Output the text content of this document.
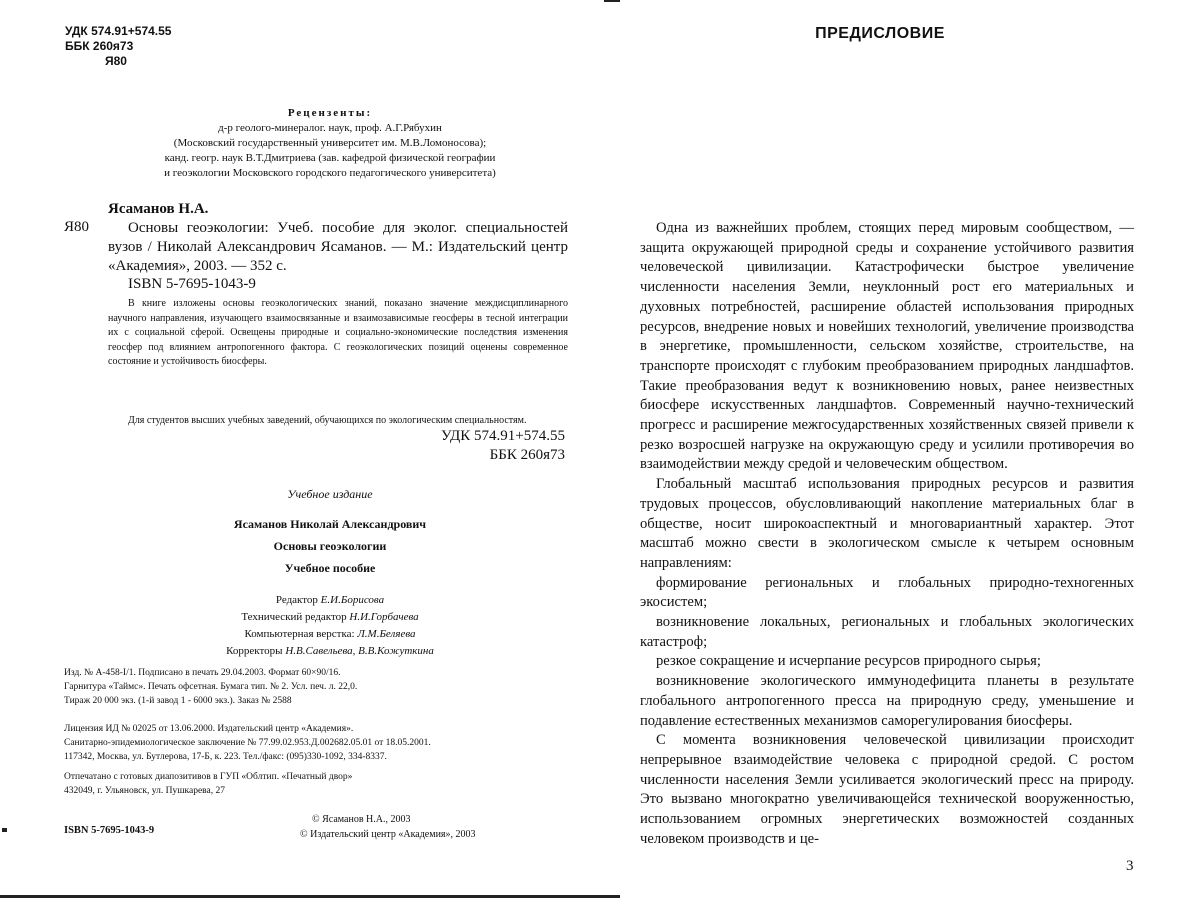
УДК 574.91+574.55
ББК 260я73
Я80
Рецензенты:
д-р геолого-минералог. наук, проф. А.Г.Рябухин
(Московский государственный университет им. М.В.Ломоносова);
канд. геогр. наук В.Т.Дмитриева (зав. кафедрой физической географии
и геоэкологии Московского городского педагогического университета)
Ясаманов Н.А.
Я80	Основы геоэкологии: Учеб. пособие для эколог. специальностей вузов / Николай Александрович Ясаманов. — М.: Издательский центр «Академия», 2003. — 352 с.
ISBN 5-7695-1043-9
В книге изложены основы геоэкологических знаний, показано значение междисциплинарного научного направления, изучающего взаимосвязанные и взаимозависимые геосферы в тесной интеграции их с социальной сферой. Освещены природные и социально-экономические последствия изменения геосфер под влиянием антропогенного фактора. С геоэкологических позиций оценены современное состояние и устойчивость биосферы.
Для студентов высших учебных заведений, обучающихся по экологическим специальностям.
УДК 574.91+574.55
ББК 260я73
Учебное издание
Ясаманов Николай Александрович
Основы геоэкологии
Учебное пособие
Редактор Е.И.Борисова
Технический редактор Н.И.Горбачева
Компьютерная верстка: Л.М.Беляева
Корректоры Н.В.Савельева, В.В.Кожуткина
Изд. № А-458-I/1. Подписано в печать 29.04.2003. Формат 60×90/16.
Гарнитура «Таймс». Печать офсетная. Бумага тип. № 2. Усл. печ. л. 22,0.
Тираж 20 000 экз. (1-й завод 1 - 6000 экз.). Заказ № 2588
Лицензия ИД № 02025 от 13.06.2000. Издательский центр «Академия».
Санитарно-эпидемиологическое заключение № 77.99.02.953.Д.002682.05.01 от 18.05.2001.
117342, Москва, ул. Бутлерова, 17-Б, к. 223. Тел./факс: (095)330-1092, 334-8337.
Отпечатано с готовых диапозитивов в ГУП «Облтип. «Печатный двор»
432049, г. Ульяновск, ул. Пушкарева, 27
ISBN 5-7695-1043-9
© Ясаманов Н.А., 2003
© Издательский центр «Академия», 2003
ПРЕДИСЛОВИЕ

Одна из важнейших проблем, стоящих перед мировым сообществом, — защита окружающей природной среды и сохранение устойчивого развития человеческой цивилизации. Катастрофически быстрое увеличение численности населения Земли, неуклонный рост его материальных и духовных потребностей, расширение областей использования природных ресурсов, внедрение новых и новейших технологий, увеличение производства в энергетике, промышленности, сельском хозяйстве, строительстве, на транспорте происходят с глубоким преобразованием природных ландшафтов. Такие преобразования ведут к возникновению новых, ранее неизвестных биосфере искусственных ландшафтов. Современный научно-технический прогресс и расширение межгосударственных хозяйственных связей привели к резко возросшей нагрузке на окружающую среду и усилили противоречия во взаимодействии между средой и человеческим обществом.

Глобальный масштаб использования природных ресурсов и развития трудовых процессов, обусловливающий накопление материальных благ в обществе, носит широкоаспектный и многовариантный характер. Этот масштаб можно свести в экологическом смысле к четырем основным направлениям:

формирование региональных и глобальных природно-техногенных экосистем;

возникновение локальных, региональных и глобальных экологических катастроф;

резкое сокращение и исчерпание ресурсов природного сырья;

возникновение экологического иммунодефицита планеты в результате глобального антропогенного пресса на природную среду, уменьшение и подавление естественных механизмов саморегулирования биосферы.

С момента возникновения человеческой цивилизации происходит непрерывное взаимодействие человека с природной средой. С ростом численности населения Земли усиливается экологический пресс на природу. Это вызвано многократно увеличивающейся технической вооруженностью, использованием огромных энергетических возможностей созданных человеком производств и це-

3
